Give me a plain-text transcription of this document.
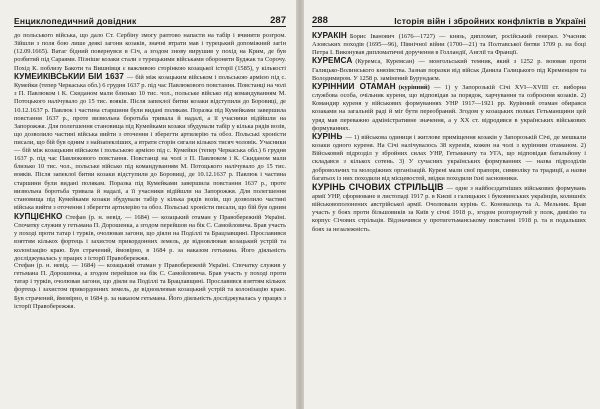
Енциклопедичний довідник	287

до польського війська, що дало Ст. Сербіну змогу раптово напасти на табір і вчинити розгром. Зійшли з поля бою лише деякі загони козаків, значні втрати мав і турецький допоміжний загін (12.09.1665). Ватаг бідний повернувся в Січ, а згодом знову вирушив у похід на Крим, де був розбитий під Сараями. Пізніше козаки стали з турецькими військами обороняти Буджак та Сорочу. Похід К. поблизу Бакоти та Вишнівця є важливою сторінкою козацької історії (1585), у кількості

КУМЕЙКІВСЬКИЙ БІЙ 1637 — бій між козацьким військом і польською армією під с. Кумейки (тепер Черкаська обл.) 6 грудня 1637 р. під час Павлюкового повстання. Повстанці на чолі з П. Павлюком і К. Скиданом мали близько 10 тис. чол., польське військо під командуванням М. Потоцького налічувало до 15 тис. вояків. Після запеклої битви козаки відступили до Боровиці, де 10.12.1637 р. Павлюк і частина старшини були видані полякам. Поразка під Кумейками завершила повстання 1637 р., проте визвольна боротьба тривала й надалі, а її учасники відійшли на Запорожжя. Для полегшення становища під Кумейками козаки збудували табір у кілька рядів возів, що дозволило частині війська вийти з оточення і зберегти артилерію та обоз. Польські хроністи писали, що бій був одним з найзапекліших, а втрати сторін сягали кількох тисяч чоловік. Учасники

— бій між козацьким військом і польською армією під с. Кумейки (тепер Черкаська обл.) 6 грудня 1637 р. під час Павлюкового повстання. Повстанці на чолі з П. Павлюком і К. Скиданом мали близько 10 тис. чол., польське військо під командуванням М. Потоцького налічувало до 15 тис. вояків. Після запеклої битви козаки відступили до Боровиці, де 10.12.1637 р. Павлюк і частина старшини були видані полякам. Поразка під Кумейками завершила повстання 1637 р., проте визвольна боротьба тривала й надалі, а її учасники відійшли на Запорожжя. Для полегшення становища під Кумейками козаки збудували табір у кілька рядів возів, що дозволило частині війська вийти з оточення і зберегти артилерію та обоз. Польські хроністи писали, що бій був одним

КУПЦІЄНКО Стефан (р. н. невід. — 1684) — козацький отаман у Правобережній Україні. Спочатку служив у гетьмана П. Дорошенка, а згодом перейшов на бік С. Самойловича. Брав участь у поході проти татар і турків, очолював загони, що діяли на Поділлі та Брацлавщині. Прославився взяттям кількох фортець і захистом прикордонних земель, де відновлював козацький устрій та колонізацію краю. Був страчений, ймовірно, в 1684 р. за наказом гетьмана. Його діяльність досліджувалась у працях з історії Правобережжя.

Стефан (р. н. невід. — 1684) — козацький отаман у Правобережній Україні. Спочатку служив у гетьмана П. Дорошенка, а згодом перейшов на бік С. Самойловича. Брав участь у поході проти татар і турків, очолював загони, що діяли на Поділлі та Брацлавщині. Прославився взяттям кількох фортець і захистом прикордонних земель, де відновлював козацький устрій та колонізацію краю. Був страчений, ймовірно, в 1684 р. за наказом гетьмана. Його діяльність досліджувалась у працях з історії Правобережжя.

288	Історія війн і збройних конфліктів в Україні

КУРАКІН Борис Іванович (1676—1727) — князь, дипломат, російський генерал. Учасник Азовських походів (1695—96), Північної війни (1700—21) та Полтавської битви 1709 р. на боці Петра І. Виконував дипломатичні доручення в Голландії, Англії та Франції.

КУРЕМСА (Куремса, Куремсан) — монгольський темник, який з 1252 р. воював проти Галицько-Волинського князівства. Зазнав поразки від військ Данила Галицького під Кременцем та Володимиром. У 1258 р. замінений Бурундаєм.

КУРІННИЙ ОТАМАН (курінний) — 1) у Запорозькій Січі XVI—XVIII ст. виборна службова особа, очільник куреня, що відповідав за порядок, харчування та озброєння козаків. 2) Командир куреня у військових формуваннях УНР 1917—1921 рр. Курінний отаман обирався козаками на загальній раді й міг бути переобраний. Згодом у козацьких полках Гетьманщини цей уряд мав переважно адміністративне значення, а у XX ст. відродився в українських військових формуваннях.

КУРІНЬ — 1) військова одиниця і житлове приміщення козаків у Запорозькій Січі, де мешкали козаки одного куреня. На Січі налічувалось 38 куренів, кожен на чолі з курінним отаманом. 2) Військовий підрозділ у збройних силах УНР, Гетьманату та УГА, що відповідав батальйону і складався з кількох сотень. 3) У сучасних українських формуваннях — назва підрозділів добровольчих та молодіжних організацій. Курені мали свої прапори, символіку та традиції, а назви багатьох із них походили від місцевостей, звідки походили їхні засновники.

КУРІНЬ СІЧОВИХ СТРІЛЬЦІВ — одне з найбоєздатніших військових формувань армії УНР, сформоване в листопаді 1917 р. в Києві з галицьких і буковинських українців, колишніх військовополонених австрійської армії. Очолювали курінь Є. Коновалець та А. Мельник. Брав участь у боях проти більшовиків за Київ у січні 1918 р., згодом розгорнутий у полк, дивізію та корпус Січових стрільців. Відзначився у протигетьманському повстанні 1918 р. та в подальших боях за незалежність.
